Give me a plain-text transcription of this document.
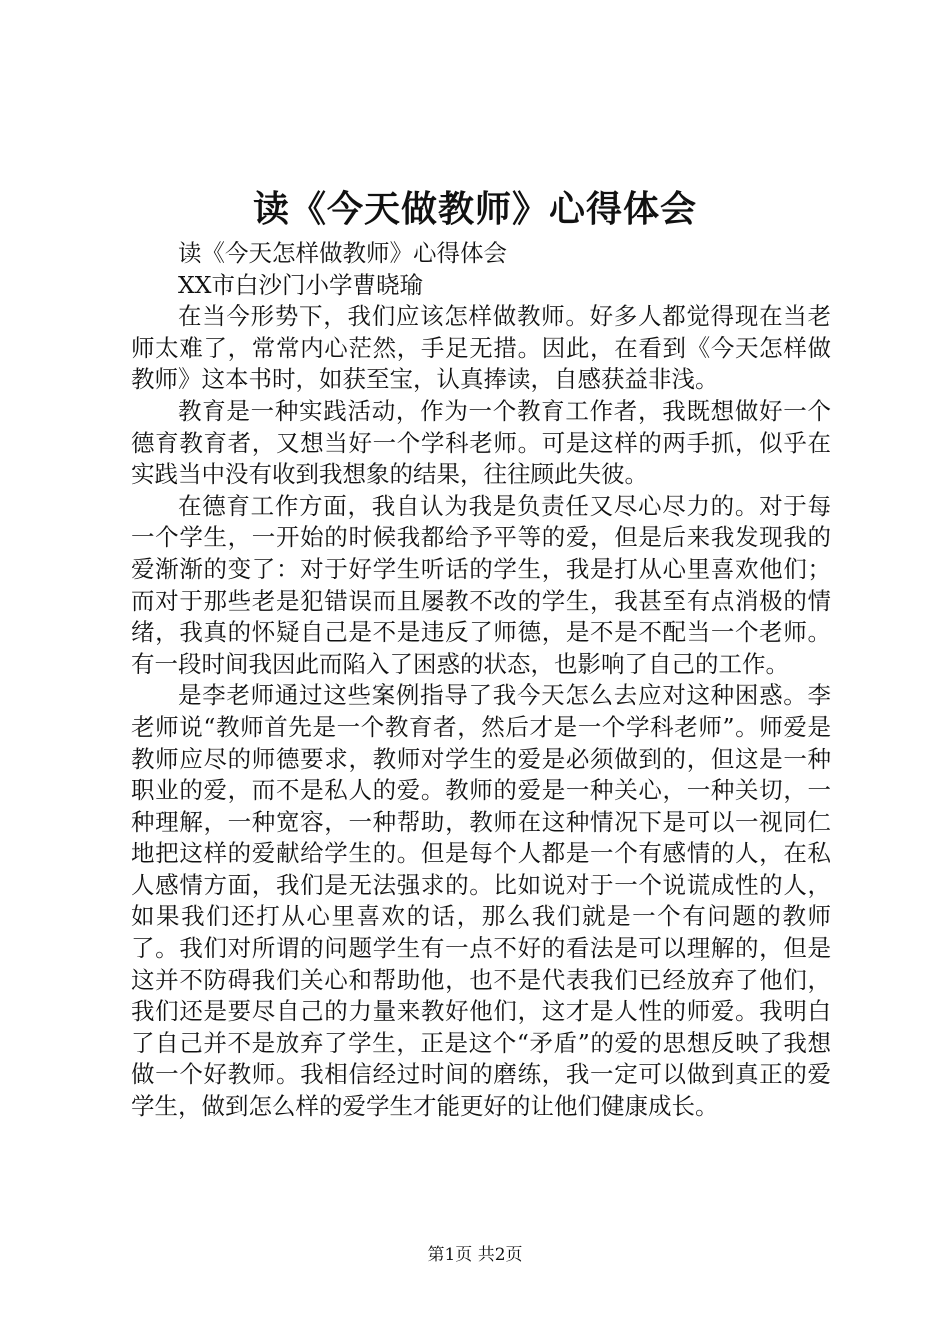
读《今天做教师》心得体会

读《今天怎样做教师》心得体会

XX市白沙门小学曹晓瑜

在当今形势下，我们应该怎样做教师。好多人都觉得现在当老师太难了，常常内心茫然，手足无措。因此，在看到《今天怎样做教师》这本书时，如获至宝，认真捧读，自感获益非浅。

教育是一种实践活动，作为一个教育工作者，我既想做好一个德育教育者，又想当好一个学科老师。可是这样的两手抓，似乎在实践当中没有收到我想象的结果，往往顾此失彼。

在德育工作方面，我自认为我是负责任又尽心尽力的。对于每一个学生，一开始的时候我都给予平等的爱，但是后来我发现我的爱渐渐的变了：对于好学生听话的学生，我是打从心里喜欢他们；而对于那些老是犯错误而且屡教不改的学生，我甚至有点消极的情绪，我真的怀疑自己是不是违反了师德，是不是不配当一个老师。有一段时间我因此而陷入了困惑的状态，也影响了自己的工作。

是李老师通过这些案例指导了我今天怎么去应对这种困惑。李老师说“教师首先是一个教育者，然后才是一个学科老师”。师爱是教师应尽的师德要求，教师对学生的爱是必须做到的，但这是一种职业的爱，而不是私人的爱。教师的爱是一种关心，一种关切，一种理解，一种宽容，一种帮助，教师在这种情况下是可以一视同仁地把这样的爱献给学生的。但是每个人都是一个有感情的人，在私人感情方面，我们是无法强求的。比如说对于一个说谎成性的人，如果我们还打从心里喜欢的话，那么我们就是一个有问题的教师了。我们对所谓的问题学生有一点不好的看法是可以理解的，但是这并不防碍我们关心和帮助他，也不是代表我们已经放弃了他们，我们还是要尽自己的力量来教好他们，这才是人性的师爱。我明白了自己并不是放弃了学生，正是这个“矛盾”的爱的思想反映了我想做一个好教师。我相信经过时间的磨练，我一定可以做到真正的爱学生，做到怎么样的爱学生才能更好的让他们健康成长。

第1页 共2页
